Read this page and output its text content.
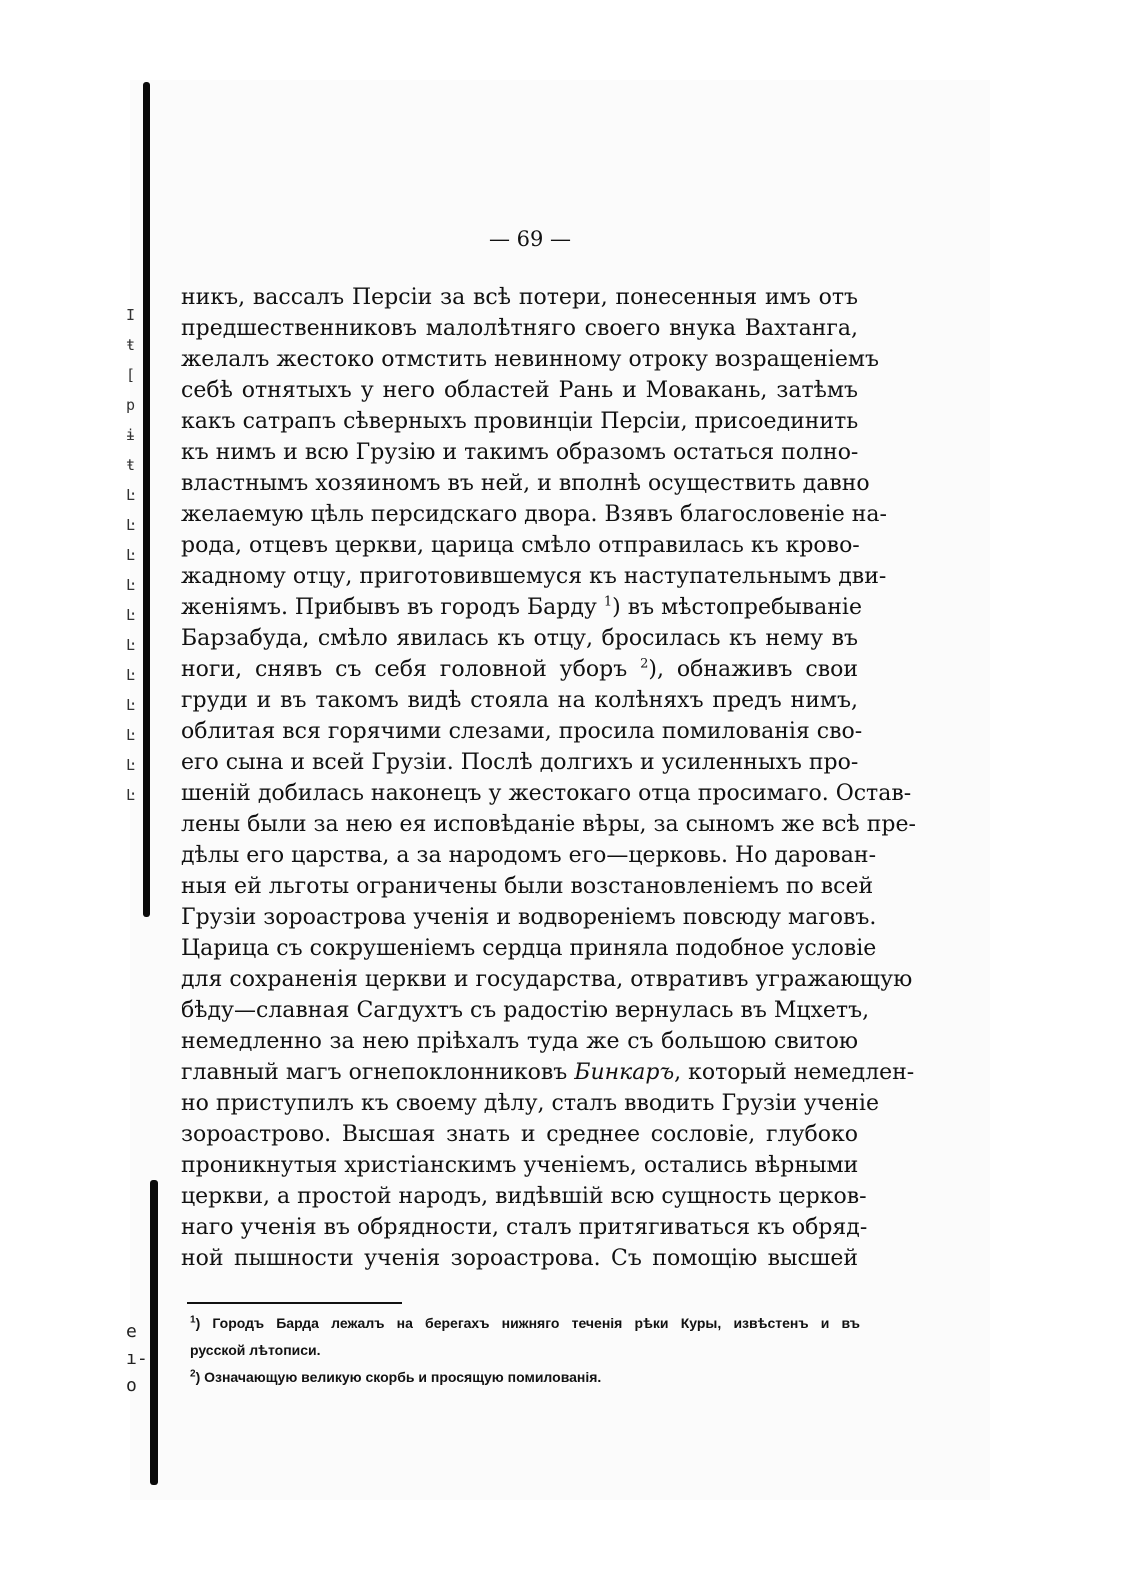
I
ŧ
[
р
ɨ
ŧ
Ŀ
Ŀ
Ŀ
Ŀ
Ŀ
Ŀ
Ŀ
Ŀ
Ŀ
Ŀ
Ŀ
e
ı-
o
— 69 —
никъ, вассалъ Персіи за всѣ потери, понесенныя имъ отъ
предшественниковъ малолѣтняго своего внука Вахтанга,
желалъ жестоко отмстить невинному отроку возращеніемъ
себѣ отнятыхъ у него областей Рань и Мовакань, затѣмъ
какъ сатрапъ сѣверныхъ провинціи Персіи, присоединить
къ нимъ и всю Грузію и такимъ образомъ остаться полно-
властнымъ хозяиномъ въ ней, и вполнѣ осуществить давно
желаемую цѣль персидскаго двора. Взявъ благословеніе на-
рода, отцевъ церкви, царица смѣло отправилась къ крово-
жадному отцу, приготовившемуся къ наступательнымъ дви-
женіямъ. Прибывъ въ городъ Барду $^1$) въ мѣстопребываніе
Барзабуда, смѣло явилась къ отцу, бросилась къ нему въ
ноги, снявъ съ себя головной уборъ $^2$), обнаживъ свои
груди и въ такомъ видѣ стояла на колѣняхъ предъ нимъ,
облитая вся горячими слезами, просила помилованія сво-
его сына и всей Грузіи. Послѣ долгихъ и усиленныхъ про-
шеній добилась наконецъ у жестокаго отца просимаго. Остав-
лены были за нею ея исповѣданіе вѣры, за сыномъ же всѣ пре-
дѣлы его царства, а за народомъ его—церковь. Но дарован-
ныя ей льготы ограничены были возстановленіемъ по всей
Грузіи зороастрова ученія и водвореніемъ повсюду маговъ.
Царица съ сокрушеніемъ сердца приняла подобное условіе
для сохраненія церкви и государства, отвративъ угражающую
бѣду—славная Сагдухтъ съ радостію вернулась въ Мцхетъ,
немедленно за нею пріѣхалъ туда же съ большою свитою
главный магъ огнепоклонниковъ Бинкаръ, который немедлен-
но приступилъ къ своему дѣлу, сталъ вводить Грузіи ученіе
зороастрово. Высшая знать и среднее сословіе, глубоко
проникнутыя христіанскимъ ученіемъ, остались вѣрными
церкви, а простой народъ, видѣвшій всю сущность церков-
наго ученія въ обрядности, сталъ притягиваться къ обряд-
ной пышности ученія зороастрова. Съ помощію высшей
$^1$) Городъ Барда лежалъ на берегахъ нижняго теченія рѣки Куры, извѣстенъ и въ
русской лѣтописи.
$^2$) Означающую великую скорбь и просящую помилованія.
